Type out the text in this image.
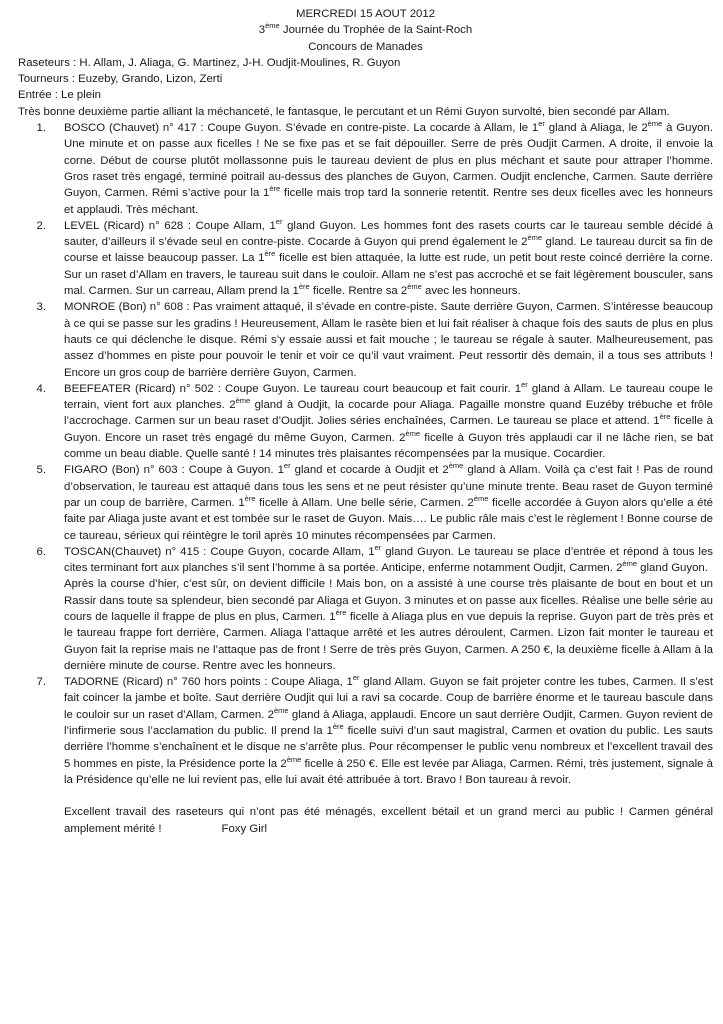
MERCREDI 15 AOUT 2012
3ème Journée du Trophée de la Saint-Roch
Concours de Manades
Raseteurs : H. Allam, J. Aliaga, G. Martinez, J-H. Oudjit-Moulines, R. Guyon
Tourneurs : Euzeby, Grando, Lizon, Zerti
Entrée : Le plein
Très bonne deuxième partie alliant la méchanceté, le fantasque, le percutant et un Rémi Guyon survolté, bien secondé par Allam.
1.	BOSCO (Chauvet) n° 417 : Coupe Guyon. S’évade en contre-piste. La cocarde à Allam, le 1er gland à Aliaga, le 2ème à Guyon. Une minute et on passe aux ficelles ! Ne se fixe pas et se fait dépouiller. Serre de près Oudjit Carmen. A droite, il envoie la corne. Début de course plutôt mollassonne puis le taureau devient de plus en plus méchant et saute pour attraper l’homme. Gros raset très engagé, terminé poitrail au-dessus des planches de Guyon, Carmen. Oudjit enclenche, Carmen. Saute derrière Guyon, Carmen. Rémi s’active pour la 1ère ficelle mais trop tard la sonnerie retentit. Rentre ses deux ficelles avec les honneurs et applaudi. Très méchant.

2.	LEVEL (Ricard) n° 628 : Coupe Allam, 1er gland Guyon. Les hommes font des rasets courts car le taureau semble décidé à sauter, d’ailleurs il s’évade seul en contre-piste. Cocarde à Guyon qui prend également le 2ème gland. Le taureau durcit sa fin de course et laisse beaucoup passer. La 1ère ficelle est bien attaquée, la lutte est rude, un petit bout reste coincé derrière la corne. Sur un raset d’Allam en travers, le taureau suit dans le couloir. Allam ne s’est pas accroché et se fait légèrement bousculer, sans mal. Carmen. Sur un carreau, Allam prend la 1ère ficelle. Rentre sa 2ème avec les honneurs.

3.	MONROE (Bon) n° 608 : Pas vraiment attaqué, il s’évade en contre-piste. Saute derrière Guyon, Carmen. S’intéresse beaucoup à ce qui se passe sur les gradins ! Heureusement, Allam le rasète bien et lui fait réaliser à chaque fois des sauts de plus en plus hauts ce qui déclenche le disque. Rémi s’y essaie aussi et fait mouche ; le taureau se régale à sauter. Malheureusement, pas assez d’hommes en piste pour pouvoir le tenir et voir ce qu’il vaut vraiment. Peut ressortir dès demain, il a tous ses attributs ! Encore un gros coup de barrière derrière Guyon, Carmen.

4.	BEEFEATER (Ricard) n° 502 : Coupe Guyon. Le taureau court beaucoup et fait courir. 1er gland à Allam. Le taureau coupe le terrain, vient fort aux planches. 2ème gland à Oudjit, la cocarde pour Aliaga. Pagaille monstre quand Euzéby trébuche et frôle l’accrochage. Carmen sur un beau raset d’Oudjit. Jolies séries enchaînées, Carmen. Le taureau se place et attend. 1ère ficelle à Guyon. Encore un raset très engagé du même Guyon, Carmen. 2ème ficelle à Guyon très applaudi car il ne lâche rien, se bat comme un beau diable. Quelle santé ! 14 minutes très plaisantes récompensées par la musique. Cocardier.

5.	FIGARO (Bon) n° 603 : Coupe à Guyon. 1er gland et cocarde à Oudjit et 2ème gland à Allam. Voilà ça c’est fait ! Pas de round d’observation, le taureau est attaqué dans tous les sens et ne peut résister qu’une minute trente. Beau raset de Guyon terminé par un coup de barrière, Carmen. 1ère ficelle à Allam. Une belle série, Carmen. 2ème ficelle accordée à Guyon alors qu’elle a été faite par Aliaga juste avant et est tombée sur le raset de Guyon. Mais…. Le public râle mais c’est le règlement ! Bonne course de ce taureau, sérieux qui réintègre le toril après 10 minutes récompensées par Carmen.

6.	TOSCAN(Chauvet) n° 415 : Coupe Guyon, cocarde Allam, 1er gland Guyon. Le taureau se place d’entrée et répond à tous les cites terminant fort aux planches s’il sent l’homme à sa portée. Anticipe, enferme notamment Oudjit, Carmen. 2ème gland Guyon.

Après la course d’hier, c’est sûr, on devient difficile ! Mais bon, on a assisté à une course très plaisante de bout en bout et un Rassir dans toute sa splendeur, bien secondé par Aliaga et Guyon. 3 minutes et on passe aux ficelles. Réalise une belle série au cours de laquelle il frappe de plus en plus, Carmen. 1ère ficelle à Aliaga plus en vue depuis la reprise. Guyon part de très près et le taureau frappe fort derrière, Carmen. Aliaga l’attaque arrêté et les autres déroulent, Carmen. Lizon fait monter le taureau et Guyon fait la reprise mais ne l’attaque pas de front ! Serre de très près Guyon, Carmen. A 250 €, la deuxième ficelle à Allam à la dernière minute de course. Rentre avec les honneurs.

7.	TADORNE (Ricard) n° 760 hors points : Coupe Aliaga, 1er gland Allam. Guyon se fait projeter contre les tubes, Carmen. Il s’est fait coincer la jambe et boîte. Saut derrière Oudjit qui lui a ravi sa cocarde. Coup de barrière énorme et le taureau bascule dans le couloir sur un raset d’Allam, Carmen. 2ème gland à Aliaga, applaudi. Encore un saut derrière Oudjit, Carmen. Guyon revient de l’infirmerie sous l’acclamation du public. Il prend la 1ère ficelle suivi d’un saut magistral, Carmen et ovation du public. Les sauts derrière l’homme s’enchaînent et le disque ne s’arrête plus. Pour récompenser le public venu nombreux et l’excellent travail des 5 hommes en piste, la Présidence porte la 2ème ficelle à 250 €. Elle est levée par Aliaga, Carmen. Rémi, très justement, signale à la Présidence qu’elle ne lui revient pas, elle lui avait été attribuée à tort. Bravo ! Bon taureau à revoir.

Excellent travail des raseteurs qui n’ont pas été ménagés, excellent bétail et un grand merci au public ! Carmen général amplement mérité !	Foxy Girl
